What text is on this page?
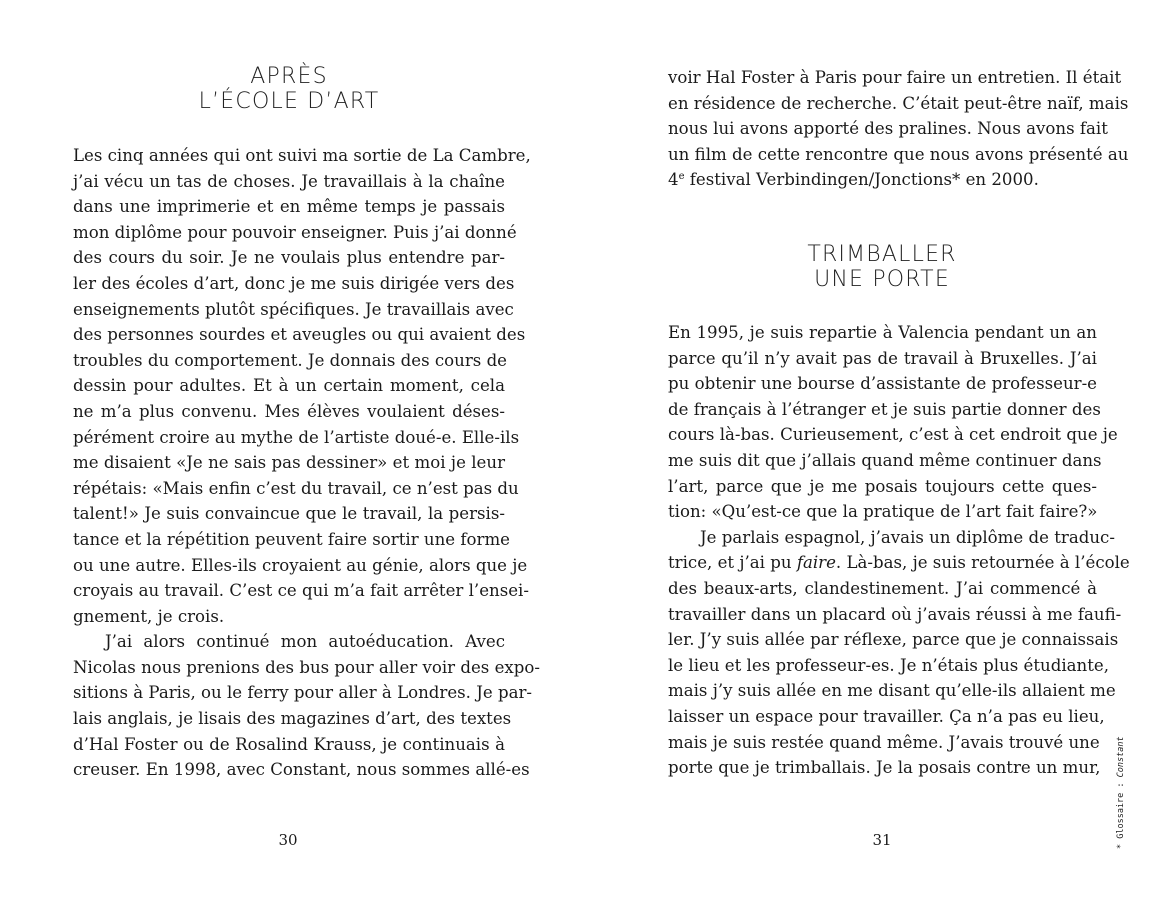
APRÈS
L’ÉCOLE D’ART
Les cinq années qui ont suivi ma sortie de La Cambre,
j’ai vécu un tas de choses. Je travaillais à la chaîne
dans une imprimerie et en même temps je passais
mon diplôme pour pouvoir enseigner. Puis j’ai donné
des cours du soir. Je ne voulais plus entendre par-
ler des écoles d’art, donc je me suis dirigée vers des
enseignements plutôt spécifiques. Je travaillais avec
des personnes sourdes et aveugles ou qui avaient des
troubles du comportement. Je donnais des cours de
dessin pour adultes. Et à un certain moment, cela
ne m’a plus convenu. Mes élèves voulaient déses-
pérément croire au mythe de l’artiste doué-e. Elle-ils
me disaient «Je ne sais pas dessiner» et moi je leur
répétais: «Mais enfin c’est du travail, ce n’est pas du
talent!» Je suis convaincue que le travail, la persis-
tance et la répétition peuvent faire sortir une forme
ou une autre. Elles-ils croyaient au génie, alors que je
croyais au travail. C’est ce qui m’a fait arrêter l’ensei-
gnement, je crois.
J’ai alors continué mon autoéducation. Avec
Nicolas nous prenions des bus pour aller voir des expo-
sitions à Paris, ou le ferry pour aller à Londres. Je par-
lais anglais, je lisais des magazines d’art, des textes
d’Hal Foster ou de Rosalind Krauss, je continuais à
creuser. En 1998, avec Constant, nous sommes allé-es
30
voir Hal Foster à Paris pour faire un entretien. Il était
en résidence de recherche. C’était peut-être naïf, mais
nous lui avons apporté des pralines. Nous avons fait
un film de cette rencontre que nous avons présenté au
4e festival Verbindingen/Jonctions* en 2000.
TRIMBALLER
UNE PORTE
En 1995, je suis repartie à Valencia pendant un an
parce qu’il n’y avait pas de travail à Bruxelles. J’ai
pu obtenir une bourse d’assistante de professeur-e
de français à l’étranger et je suis partie donner des
cours là-bas. Curieusement, c’est à cet endroit que je
me suis dit que j’allais quand même continuer dans
l’art, parce que je me posais toujours cette ques-
tion: «Qu’est-ce que la pratique de l’art fait faire?»
Je parlais espagnol, j’avais un diplôme de traduc-
trice, et j’ai pu faire. Là-bas, je suis retournée à l’école
des beaux-arts, clandestinement. J’ai commencé à
travailler dans un placard où j’avais réussi à me faufi-
ler. J’y suis allée par réflexe, parce que je connaissais
le lieu et les professeur-es. Je n’étais plus étudiante,
mais j’y suis allée en me disant qu’elle-ils allaient me
laisser un espace pour travailler. Ça n’a pas eu lieu,
mais je suis restée quand même. J’avais trouvé une
porte que je trimballais. Je la posais contre un mur,
31	* Glossaire : Constant
